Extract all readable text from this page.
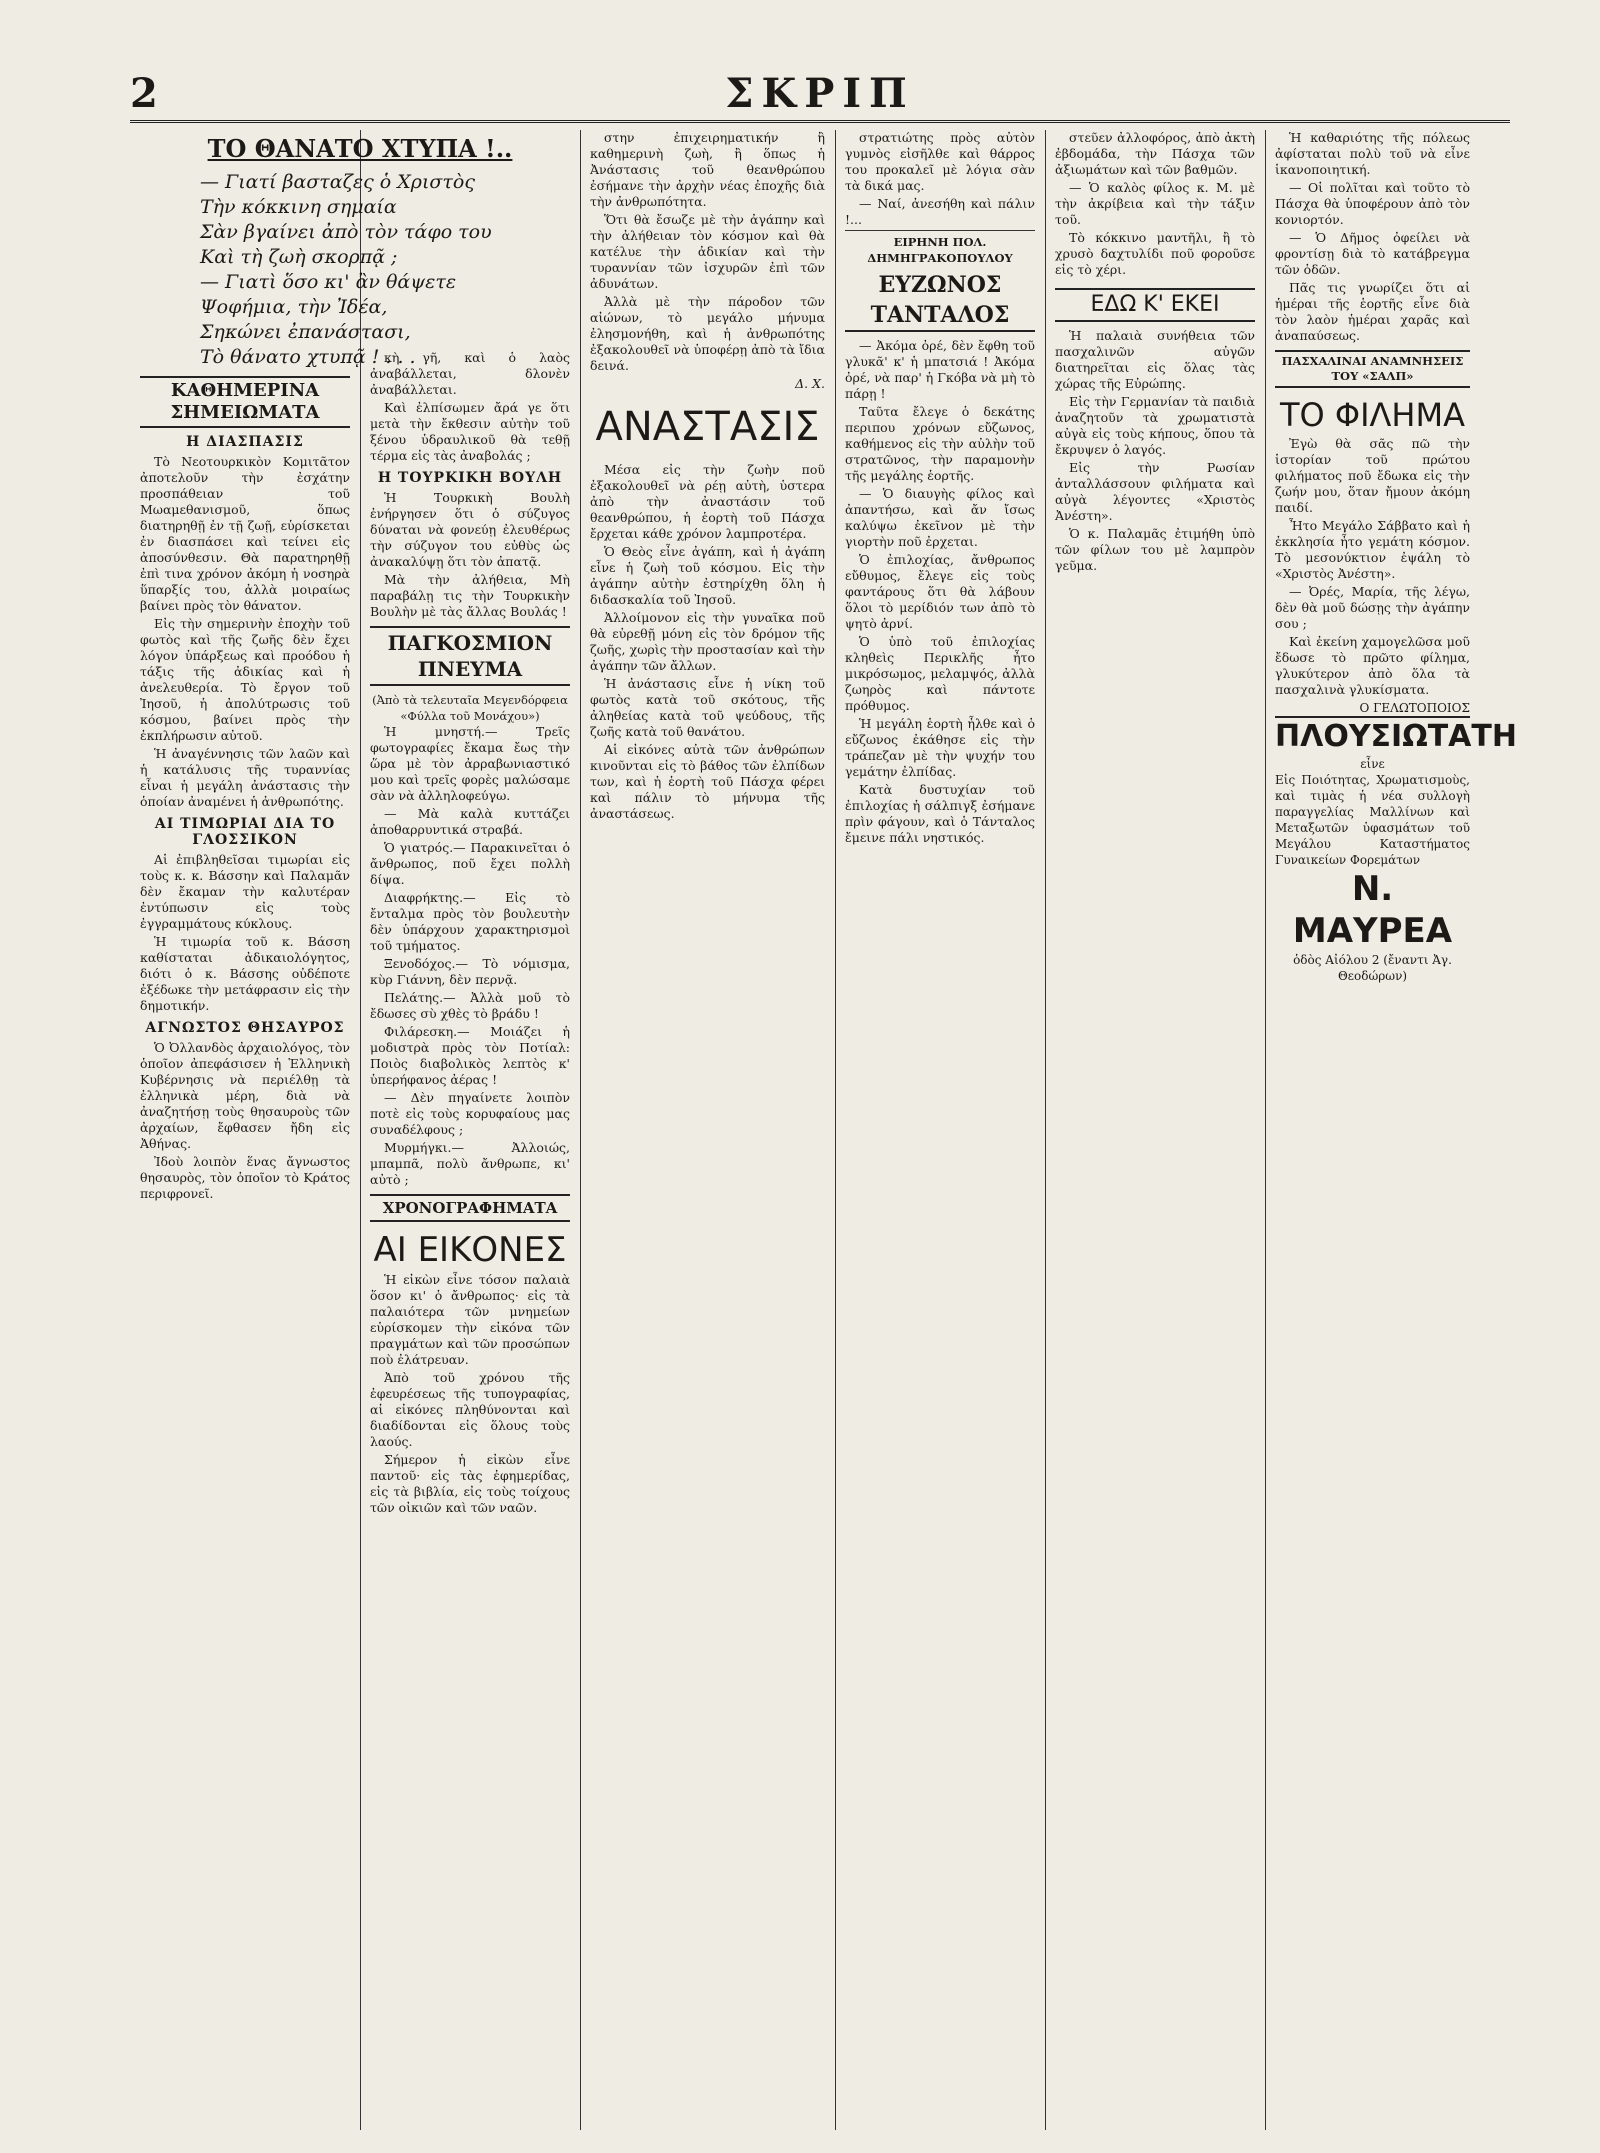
2	ΣΚΡΙΠ
ΤΟ ΘΑΝΑΤΟ ΧΤΥΠΑ !..
— Γιατί βασταζες ὁ Χριστὸς
Τὴν κόκκινη σημαία
Σὰν βγαίνει ἀπὸ τὸν τάφο του
Καὶ τὴ ζωὴ σκορπᾷ ;
— Γιατὶ ὅσο κι' ἂν θάψετε
Ψοφήμια, τὴν Ἰδέα,
Σηκώνει ἐπανάστασι,
Τὸ θάνατο χτυπᾷ ! . . .
ΚΑΘΗΜΕΡΙΝΑ ΣΗΜΕΙΩΜΑΤΑ
Η ΔΙΑΣΠΑΣΙΣ

Τὸ Νεοτουρκικὸν Κομιτᾶτον ἀποτελοῦν τὴν ἐσχάτην προσπάθειαν τοῦ Μωαμεθανισμοῦ, ὅπως διατηρηθῇ ἐν τῇ ζωῇ, εὑρίσκεται ἐν διασπάσει καὶ τείνει εἰς ἀποσύνθεσιν. Θὰ παρατηρηθῇ ἐπὶ τινα χρόνον ἀκόμη ἡ νοσηρὰ ὕπαρξίς του, ἀλλὰ μοιραίως βαίνει πρὸς τὸν θάνατον.

Εἰς τὴν σημερινὴν ἐποχὴν τοῦ φωτὸς καὶ τῆς ζωῆς δὲν ἔχει λόγον ὑπάρξεως καὶ προόδου ἡ τάξις τῆς ἀδικίας καὶ ἡ ἀνελευθερία. Τὸ ἔργον τοῦ Ἰησοῦ, ἡ ἀπολύτρωσις τοῦ κόσμου, βαίνει πρὸς τὴν ἐκπλήρωσιν αὐτοῦ.

Ἡ ἀναγέννησις τῶν λαῶν καὶ ἡ κατάλυσις τῆς τυραννίας εἶναι ἡ μεγάλη ἀνάστασις τὴν ὁποίαν ἀναμένει ἡ ἀνθρωπότης.

ΑΙ ΤΙΜΩΡΙΑΙ ΔΙΑ ΤΟ ΓΛΟΣΣΙΚΟΝ

Αἱ ἐπιβληθεῖσαι τιμωρίαι εἰς τοὺς κ. κ. Βάσσην καὶ Παλαμᾶν δὲν ἔκαμαν τὴν καλυτέραν ἐντύπωσιν εἰς τοὺς ἐγγραμμάτους κύκλους.

Ἡ τιμωρία τοῦ κ. Βάσση καθίσταται ἀδικαιολόγητος, διότι ὁ κ. Βάσσης οὐδέποτε ἐξέδωκε τὴν μετάφρασιν εἰς τὴν δημοτικήν.

ΑΓΝΩΣΤΟΣ ΘΗΣΑΥΡΟΣ

Ὁ Ὀλλανδὸς ἀρχαιολόγος, τὸν ὁποῖον ἀπεφάσισεν ἡ Ἑλληνικὴ Κυβέρνησις νὰ περιέλθῃ τὰ ἐλληνικὰ μέρη, διὰ νὰ ἀναζητήσῃ τοὺς θησαυροὺς τῶν ἀρχαίων, ἔφθασεν ἤδη εἰς Ἀθήνας.

Ἰδοὺ λοιπὸν ἕνας ἄγνωστος θησαυρὸς, τὸν ὁποῖον τὸ Κράτος περιφρονεῖ.

κὴ γῆ, καὶ ὁ λαὸς ἀναβάλλεται, δλονὲν ἀναβάλλεται.

Καὶ ἐλπίσωμεν ἄρά γε ὅτι μετὰ τὴν ἔκθεσιν αὐτὴν τοῦ ξένου ὑδραυλικοῦ θὰ τεθῇ τέρμα εἰς τὰς ἀναβολάς ;

Η ΤΟΥΡΚΙΚΗ ΒΟΥΛΗ

Ἡ Τουρκικὴ Βουλὴ ἐνήργησεν ὅτι ὁ σύζυγος δύναται νὰ φονεύῃ ἐλευθέρως τὴν σύζυγον του εὐθὺς ὡς ἀνακαλύψῃ ὅτι τὸν ἀπατᾷ.

Μὰ τὴν ἀλήθεια, Μὴ παραβάλῃ τις τὴν Τουρκικὴν Βουλὴν μὲ τὰς ἄλλας Βουλάς !

ΠΑΓΚΟΣΜΙΟΝ ΠΝΕΥΜΑ
(Ἀπὸ τὰ τελευταῖα Μεγενδόρφεια «Φύλλα τοῦ Μονάχου»)

Ἡ μνηστή.— Τρεῖς φωτογραφίες ἔκαμα ἔως τὴν ὥρα μὲ τὸν ἀρραβωνιαστικό μου καὶ τρεῖς φορὲς μαλώσαμε σὰν νὰ ἀλληλοφεύγω.

— Μὰ καλὰ κυττάζει ἀποθαρρυντικά στραβά.

Ὁ γιατρός.— Παρακινεῖται ὁ ἄνθρωπος, ποῦ ἔχει πολλὴ δίψα.

Διαφρήκτης.— Εἰς τὸ ἔνταλμα πρὸς τὸν βουλευτὴν δὲν ὑπάρχουν χαρακτηρισμοὶ τοῦ τμήματος.

Ξενοδόχος.— Τὸ νόμισμα, κὺρ Γιάννη, δὲν περνᾷ.

Πελάτης.— Ἀλλὰ μοῦ τὸ ἔδωσες σὺ χθὲς τὸ βράδυ !

Φιλάρεσκη.— Μοιάζει ἡ μοδιστρὰ πρὸς τὸν Ποτίαλ: Ποιὸς διαβολικὸς λεπτὸς κ' ὑπερήφανος ἀέρας !

— Δὲν πηγαίνετε λοιπὸν ποτὲ εἰς τοὺς κορυφαίους μας συναδέλφους ;

Μυρμήγκι.— Ἀλλοιώς, μπαμπᾶ, πολὺ ἄνθρωπε, κι' αὐτὸ ;

ΧΡΟΝΟΓΡΑΦΗΜΑΤΑ
ΑΙ ΕΙΚΟΝΕΣ

Ἡ εἰκὼν εἶνε τόσον παλαιὰ ὅσον κι' ὁ ἄνθρωπος· εἰς τὰ παλαιότερα τῶν μνημείων εὑρίσκομεν τὴν εἰκόνα τῶν πραγμάτων καὶ τῶν προσώπων ποὺ ἐλάτρευαν.

Ἀπὸ τοῦ χρόνου τῆς ἐφευρέσεως τῆς τυπογραφίας, αἱ εἰκόνες πληθύνονται καὶ διαδίδονται εἰς ὅλους τοὺς λαούς.

Σήμερον ἡ εἰκὼν εἶνε παντοῦ· εἰς τὰς ἐφημερίδας, εἰς τὰ βιβλία, εἰς τοὺς τοίχους τῶν οἰκιῶν καὶ τῶν ναῶν.

στην ἐπιχειρηματικήν ἢ καθημερινὴ ζωὴ, ἢ ὅπως ἡ Ἀνάστασις τοῦ θεανθρώπου ἐσήμανε τὴν ἀρχὴν νέας ἐποχῆς διὰ τὴν ἀνθρωπότητα.

Ὅτι θὰ ἔσωζε μὲ τὴν ἀγάπην καὶ τὴν ἀλήθειαν τὸν κόσμον καὶ θὰ κατέλυε τὴν ἀδικίαν καὶ τὴν τυραννίαν τῶν ἰσχυρῶν ἐπὶ τῶν ἀδυνάτων.

Ἀλλὰ μὲ τὴν πάροδον τῶν αἰώνων, τὸ μεγάλο μήνυμα ἐλησμονήθη, καὶ ἡ ἀνθρωπότης ἐξακολουθεῖ νὰ ὑποφέρῃ ἀπὸ τὰ ἴδια δεινά.

Δ. Χ.
ΑΝΑΣΤΑΣΙΣ

Μέσα εἰς τὴν ζωὴν ποῦ ἐξακολουθεῖ νὰ ρέῃ αὐτὴ, ὑστερα ἀπὸ τὴν ἀναστάσιν τοῦ θεανθρώπου, ἡ ἑορτὴ τοῦ Πάσχα ἔρχεται κάθε χρόνον λαμπροτέρα.

Ὁ Θεὸς εἶνε ἀγάπη, καὶ ἡ ἀγάπη εἶνε ἡ ζωὴ τοῦ κόσμου. Εἰς τὴν ἀγάπην αὐτὴν ἐστηρίχθη ὅλη ἡ διδασκαλία τοῦ Ἰησοῦ.

Ἀλλοίμονον εἰς τὴν γυναῖκα ποῦ θὰ εὑρεθῇ μόνη εἰς τὸν δρόμον τῆς ζωῆς, χωρὶς τὴν προστασίαν καὶ τὴν ἀγάπην τῶν ἄλλων.

Ἡ ἀνάστασις εἶνε ἡ νίκη τοῦ φωτὸς κατὰ τοῦ σκότους, τῆς ἀληθείας κατὰ τοῦ ψεύδους, τῆς ζωῆς κατὰ τοῦ θανάτου.

Αἱ εἰκόνες αὐτὰ τῶν ἀνθρώπων κινοῦνται εἰς τὸ βάθος τῶν ἐλπίδων των, καὶ ἡ ἑορτὴ τοῦ Πάσχα φέρει καὶ πάλιν τὸ μήνυμα τῆς ἀναστάσεως.

στρατιώτης πρὸς αὐτὸν γυμνὸς εἰσῆλθε καὶ θάρρος του προκαλεῖ μὲ λόγια σὰν τὰ δικά μας.

— Ναί, ἀνεσήθη καὶ πάλιν !...

ΕΙΡΗΝΗ ΠΟΛ. ΔΗΜΗΓΡΑΚΟΠΟΥΛΟΥ
ΕΥΖΩΝΟΣ ΤΑΝΤΑΛΟΣ

— Ἀκόμα ὀρέ, δὲν ἔφθη τοῦ γλυκᾶ' κ' ἡ μπατσιά ! Ἀκόμα ὀρέ, νὰ παρ' ἡ Γκόβα νὰ μὴ τὸ πάρῃ !

Ταῦτα ἔλεγε ὁ δεκάτης περιπου χρόνων εὔζωνος, καθήμενος εἰς τὴν αὐλὴν τοῦ στρατῶνος, τὴν παραμονὴν τῆς μεγάλης ἑορτῆς.

— Ὁ διαυγὴς φίλος καὶ ἀπαντήσω, καὶ ἄν ἴσως καλύψω ἐκεῖνον μὲ τὴν γιορτὴν ποῦ ἐρχεται.

Ὁ ἐπιλοχίας, ἄνθρωπος εὔθυμος, ἔλεγε εἰς τοὺς φαντάρους ὅτι θὰ λάβουν ὅλοι τὸ μερίδιόν των ἀπὸ τὸ ψητὸ ἀρνί.

Ὁ ὑπὸ τοῦ ἐπιλοχίας κληθεὶς Περικλῆς ἦτο μικρόσωμος, μελαμψός, ἀλλὰ ζωηρὸς καὶ πάντοτε πρόθυμος.

Ἡ μεγάλη ἑορτὴ ἦλθε καὶ ὁ εὔζωνος ἐκάθησε εἰς τὴν τράπεζαν μὲ τὴν ψυχήν του γεμάτην ἐλπίδας.

Κατὰ δυστυχίαν τοῦ ἐπιλοχίας ἡ σάλπιγξ ἐσήμανε πρὶν φάγουν, καὶ ὁ Τάνταλος ἔμεινε πάλι νηστικός.

στεῦεν ἀλλοφόρος, ἀπὸ ἀκτὴ ἐβδομάδα, τὴν Πάσχα τῶν ἀξιωμάτων καὶ τῶν βαθμῶν.

— Ὁ καλὸς φίλος κ. Μ. μὲ τὴν ἀκρίβεια καὶ τὴν τάξιν τοῦ.

Τὸ κόκκινο μαντῆλι, ἢ τὸ χρυσὸ δαχτυλίδι ποῦ φοροῦσε εἰς τὸ χέρι.

ΕΔΩ Κ' ΕΚΕΙ

Ἡ παλαιὰ συνήθεια τῶν πασχαλινῶν αὐγῶν διατηρεῖται εἰς ὅλας τὰς χώρας τῆς Εὐρώπης.

Εἰς τὴν Γερμανίαν τὰ παιδιὰ ἀναζητοῦν τὰ χρωματιστὰ αὐγὰ εἰς τοὺς κήπους, ὅπου τὰ ἔκρυψεν ὁ λαγός.

Εἰς τὴν Ρωσίαν ἀνταλλάσσουν φιλήματα καὶ αὐγὰ λέγοντες «Χριστὸς Ἀνέστη».

Ὁ κ. Παλαμᾶς ἐτιμήθη ὑπὸ τῶν φίλων του μὲ λαμπρὸν γεῦμα.

Ἡ καθαριότης τῆς πόλεως ἀφίσταται πολὺ τοῦ νὰ εἶνε ἱκανοποιητική.

— Οἱ πολῖται καὶ τοῦτο τὸ Πάσχα θὰ ὑποφέρουν ἀπὸ τὸν κονιορτόν.

— Ὁ Δῆμος ὀφείλει νὰ φροντίσῃ διὰ τὸ κατάβρεγμα τῶν ὁδῶν.

Πᾶς τις γνωρίζει ὅτι αἱ ἡμέραι τῆς ἑορτῆς εἶνε διὰ τὸν λαὸν ἡμέραι χαρᾶς καὶ ἀναπαύσεως.

ΠΑΣΧΑΛΙΝΑΙ ΑΝΑΜΝΗΣΕΙΣ ΤΟΥ «ΣΑΛΠ»
ΤΟ ΦΙΛΗΜΑ

Ἐγὼ θὰ σᾶς πῶ τὴν ἱστορίαν τοῦ πρώτου φιλήματος ποῦ ἔδωκα εἰς τὴν ζωήν μου, ὅταν ἤμουν ἀκόμη παιδί.

Ἦτο Μεγάλο Σάββατο καὶ ἡ ἐκκλησία ἦτο γεμάτη κόσμον. Τὸ μεσονύκτιον ἐψάλη τὸ «Χριστὸς Ἀνέστη».

— Ὀρές, Μαρία, τῆς λέγω, δὲν θὰ μοῦ δώσῃς τὴν ἀγάπην σου ;

Καὶ ἐκείνη χαμογελῶσα μοῦ ἔδωσε τὸ πρῶτο φίλημα, γλυκύτερον ἀπὸ ὅλα τὰ πασχαλινὰ γλυκίσματα.

Ο ΓΕΛΩΤΟΠΟΙΟΣ
ΠΛΟΥΣΙΩΤΑΤΗ
εἶνε
Εἰς Ποιότητας, Χρωματισμοὺς, καὶ τιμὰς ἡ νέα συλλογὴ παραγγελίας Μαλλίνων καὶ Μεταξωτῶν ὑφασμάτων τοῦ Μεγάλου Καταστήματος Γυναικείων Φορεμάτων
Ν. ΜΑΥΡΕΑ
ὁδὸς Αἰόλου 2 (ἔναντι Ἀγ. Θεοδώρων)
